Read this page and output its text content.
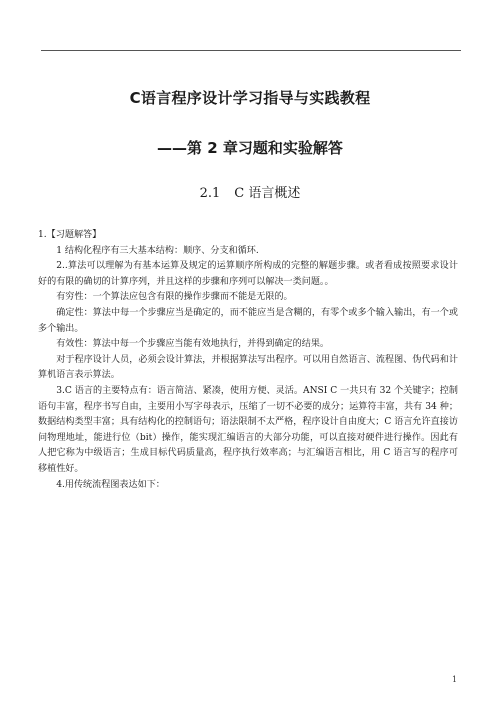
C语言程序设计学习指导与实践教程
——第 2 章习题和实验解答
2.1 C 语言概述

1.【习题解答】

1 结构化程序有三大基本结构：顺序、分支和循环.

2..算法可以理解为有基本运算及规定的运算顺序所构成的完整的解题步骤。或者看成按照要求设计好的有限的确切的计算序列，并且这样的步骤和序列可以解决一类问题。。

有穷性：一个算法应包含有限的操作步骤而不能是无限的。

确定性：算法中每一个步骤应当是确定的，而不能应当是含糊的，有零个或多个输入输出，有一个或多个输出。

有效性：算法中每一个步骤应当能有效地执行，并得到确定的结果。

对于程序设计人员，必须会设计算法，并根据算法写出程序。可以用自然语言、流程图、伪代码和计算机语言表示算法。

3.C 语言的主要特点有：语言简洁、紧凑，使用方便、灵活。ANSI C 一共只有 32 个关键字；控制语句丰富，程序书写自由，主要用小写字母表示，压缩了一切不必要的成分；运算符丰富，共有 34 种；数据结构类型丰富；具有结构化的控制语句；语法限制不太严格，程序设计自由度大；C 语言允许直接访问物理地址，能进行位（bit）操作，能实现汇编语言的大部分功能，可以直接对硬件进行操作。因此有人把它称为中级语言；生成目标代码质量高，程序执行效率高；与汇编语言相比，用 C 语言写的程序可移植性好。

4.用传统流程图表达如下：

1
